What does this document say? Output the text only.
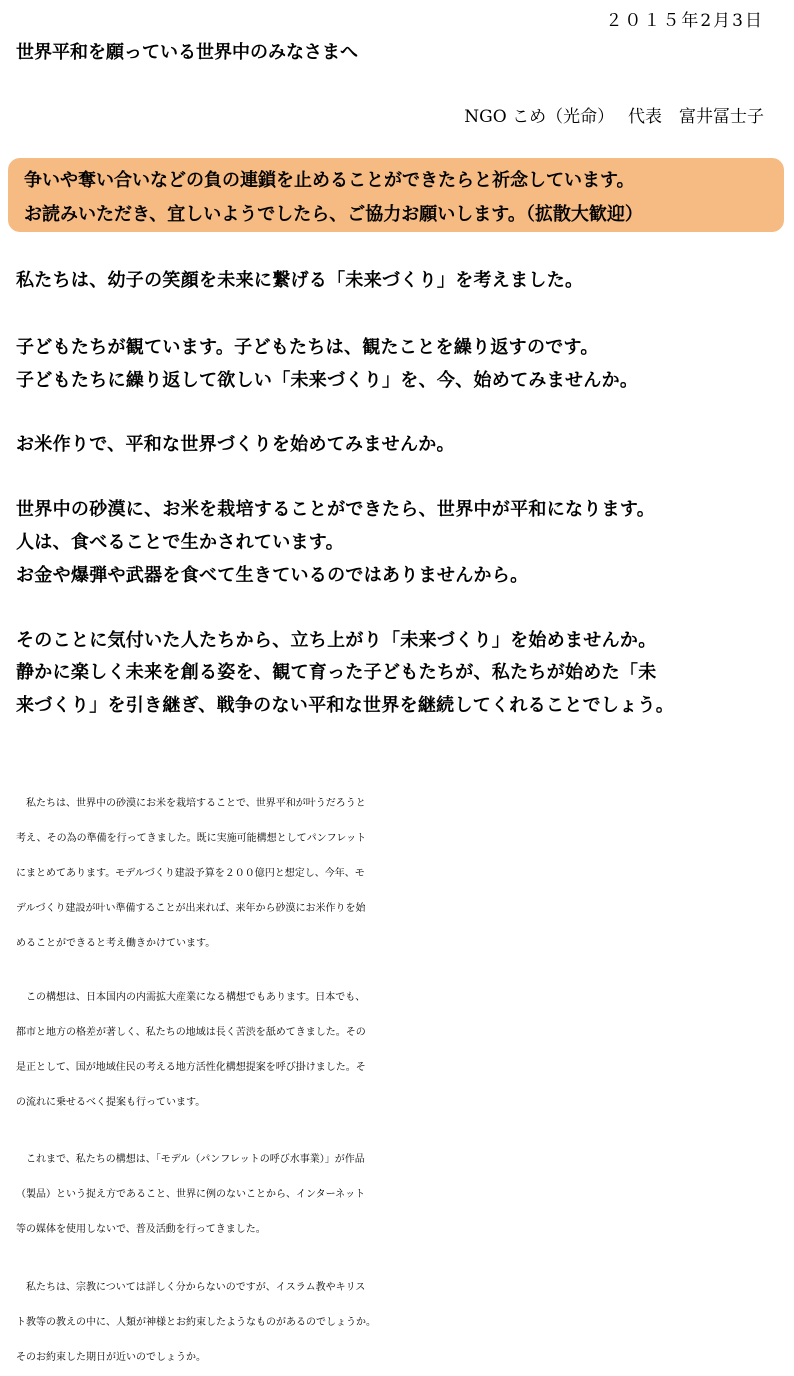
２０１５年2月3日
世界平和を願っている世界中のみなさまへ
NGO こめ（光命）　 代表　富井冨士子
争いや奪い合いなどの負の連鎖を止めることができたらと祈念しています。
お読みいただき、宜しいようでしたら、ご協力お願いします。（拡散大歓迎）
私たちは、幼子の笑顔を未来に繋げる「未来づくり」を考えました。
子どもたちが観ています。子どもたちは、観たことを繰り返すのです。
子どもたちに繰り返して欲しい「未来づくり」を、今、始めてみませんか。
お米作りで、平和な世界づくりを始めてみませんか。
世界中の砂漠に、お米を栽培することができたら、世界中が平和になります。
人は、食べることで生かされています。
お金や爆弾や武器を食べて生きているのではありませんから。
そのことに気付いた人たちから、立ち上がり「未来づくり」を始めませんか。
静かに楽しく未来を創る姿を、観て育った子どもたちが、私たちが始めた「未
来づくり」を引き継ぎ、戦争のない平和な世界を継続してくれることでしょう。
　私たちは、世界中の砂漠にお米を栽培することで、世界平和が叶うだろうと
考え、その為の準備を行ってきました。既に実施可能構想としてパンフレット
にまとめてあります。モデルづくり建設予算を２００億円と想定し、今年、モ
デルづくり建設が叶い準備することが出来れば、来年から砂漠にお米作りを始
めることができると考え働きかけています。
　この構想は、日本国内の内需拡大産業になる構想でもあります。日本でも、
都市と地方の格差が著しく、私たちの地域は長く苦渋を舐めてきました。その
是正として、国が地域住民の考える地方活性化構想提案を呼び掛けました。そ
の流れに乗せるべく提案も行っています。
　これまで、私たちの構想は、「モデル（パンフレットの呼び水事業）」が作品
（製品）という捉え方であること、世界に例のないことから、インターネット
等の媒体を使用しないで、普及活動を行ってきました。
　私たちは、宗教については詳しく分からないのですが、イスラム教やキリス
ト教等の教えの中に、人類が神様とお約束したようなものがあるのでしょうか。
そのお約束した期日が近いのでしょうか。
